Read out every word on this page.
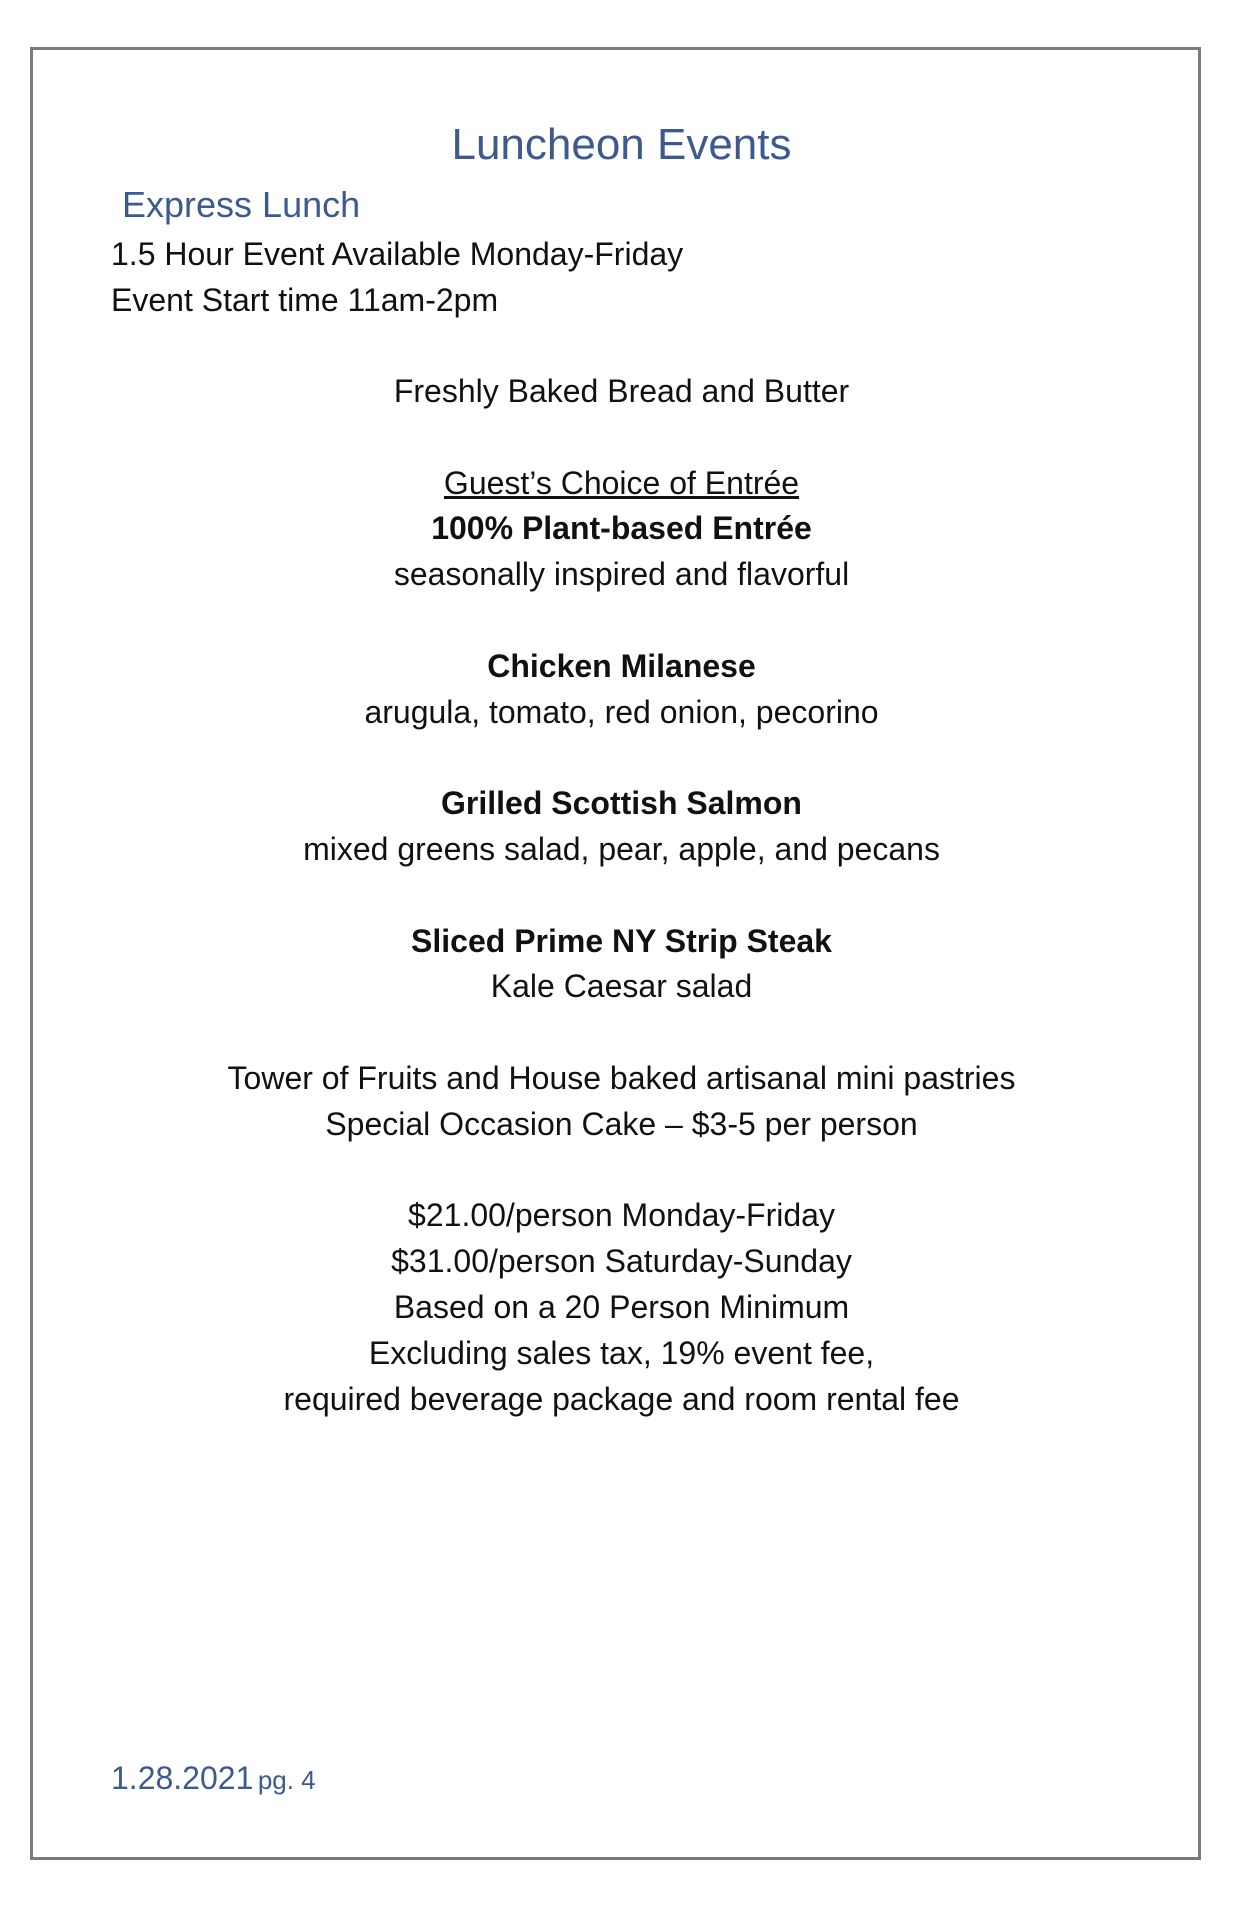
Luncheon Events
Express Lunch
1.5 Hour Event Available Monday-Friday
Event Start time 11am-2pm
Freshly Baked Bread and Butter
Guest’s Choice of Entrée
100% Plant-based Entrée
seasonally inspired and flavorful
Chicken Milanese
arugula, tomato, red onion, pecorino
Grilled Scottish Salmon
mixed greens salad, pear, apple, and pecans
Sliced Prime NY Strip Steak
Kale Caesar salad
Tower of Fruits and House baked artisanal mini pastries
Special Occasion Cake – $3-5 per person
$21.00/person Monday-Friday
$31.00/person Saturday-Sunday
Based on a 20 Person Minimum
Excluding sales tax, 19% event fee,
required beverage package and room rental fee
1.28.2021 pg. 4
